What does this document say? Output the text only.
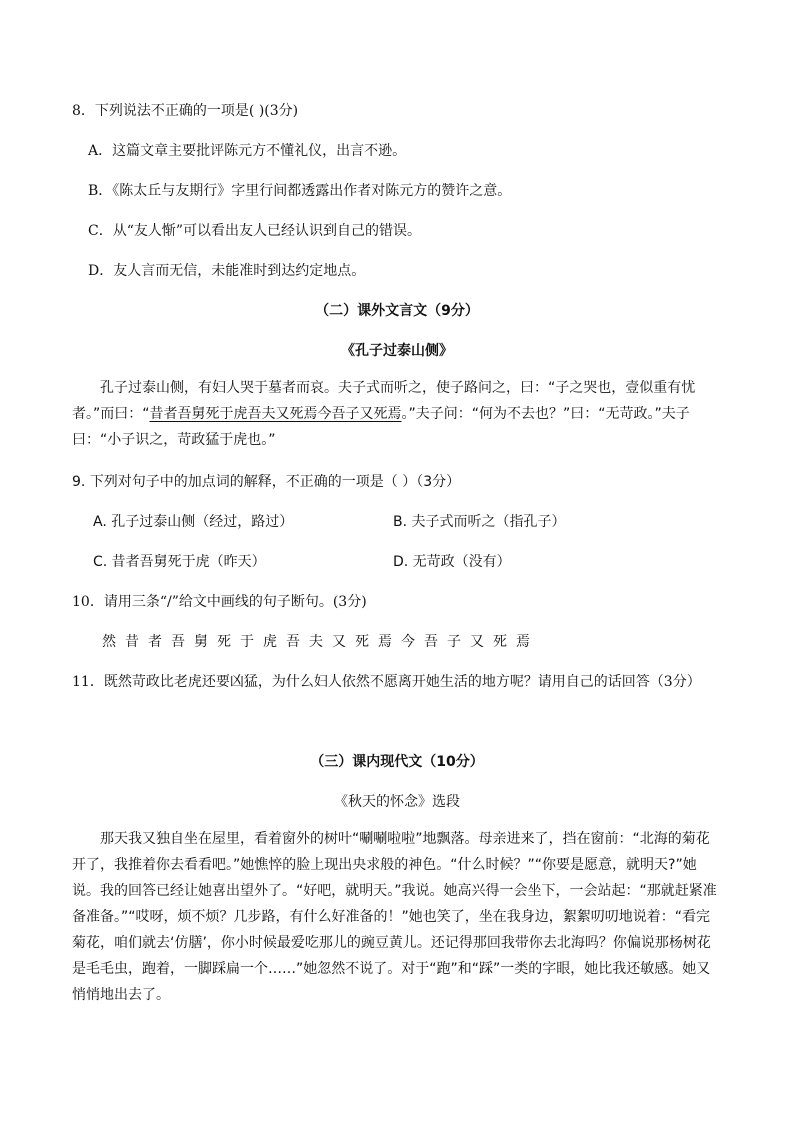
8．下列说法不正确的一项是( )(3分)
A．这篇文章主要批评陈元方不懂礼仪，出言不逊。
B．《陈太丘与友期行》字里行间都透露出作者对陈元方的赞许之意。
C．从“友人惭”可以看出友人已经认识到自己的错误。
D．友人言而无信，未能准时到达约定地点。
（二）课外文言文（9分）
《孔子过泰山侧》

孔子过泰山侧，有妇人哭于墓者而哀。夫子式而听之，使子路问之，曰：“子之哭也，壹似重有忧者。”而曰：“昔者吾舅死于虎吾夫又死焉今吾子又死焉。”夫子问：“何为不去也？”曰：“无苛政。”夫子曰：“小子识之，苛政猛于虎也。”

9. 下列对句子中的加点词的解释，不正确的一项是（ ）（3分）
A. 孔子过泰山侧（经过，路过）	B. 夫子式而听之（指孔子）
C. 昔者吾舅死于虎（昨天）	D. 无苛政（没有）
10．请用三条“/”给文中画线的句子断句。(3分)
然昔者吾舅死于虎吾夫又死焉今吾子又死焉
11．既然苛政比老虎还要凶猛，为什么妇人依然不愿离开她生活的地方呢？请用自己的话回答（3分）
（三）课内现代文（10分）
《秋天的怀念》选段

那天我又独自坐在屋里，看着窗外的树叶“唰唰啦啦”地飘落。母亲进来了，挡在窗前：“北海的菊花开了，我推着你去看看吧。”她憔悴的脸上现出央求般的神色。“什么时候？”“你要是愿意，就明天?”她说。我的回答已经让她喜出望外了。“好吧，就明天。”我说。她高兴得一会坐下，一会站起：“那就赶紧准备准备。”“哎呀，烦不烦？几步路，有什么好准备的！”她也笑了，坐在我身边，絮絮叨叨地说着：“看完菊花，咱们就去‘仿膳’，你小时候最爱吃那儿的豌豆黄儿。还记得那回我带你去北海吗？你偏说那杨树花是毛毛虫，跑着，一脚踩扁一个……”她忽然不说了。对于“跑”和“踩”一类的字眼，她比我还敏感。她又悄悄地出去了。
